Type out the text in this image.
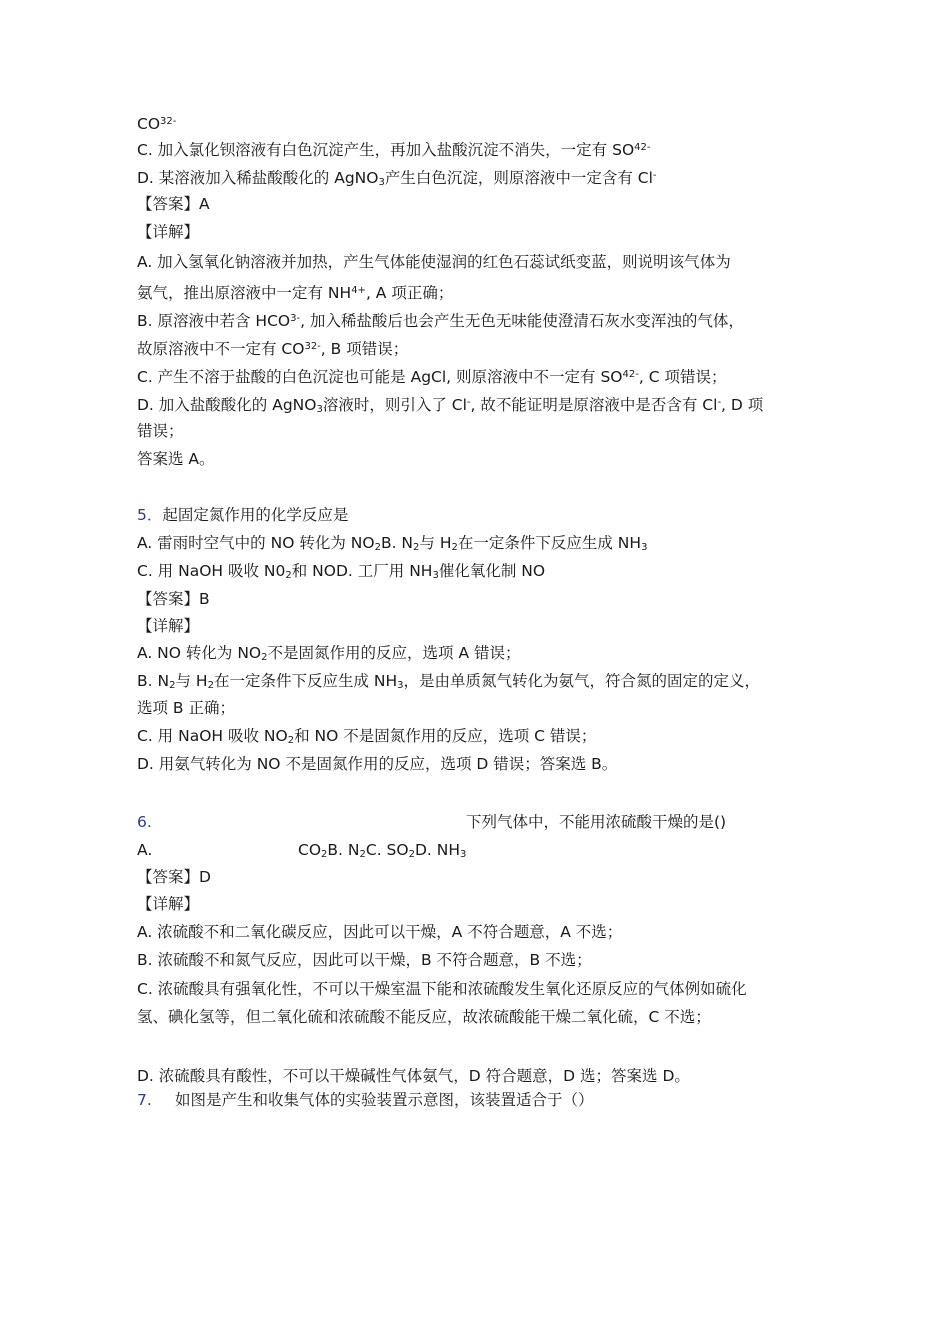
$CO^{32-}$
C. 加入氯化钡溶液有白色沉淀产生，再加入盐酸沉淀不消失，一定有 $SO^{42-}$
D. 某溶液加入稀盐酸酸化的 AgNO$_3$产生白色沉淀，则原溶液中一定含有 Cl-
【答案】A
【详解】
A. 加入氢氧化钠溶液并加热，产生气体能使湿润的红色石蕊试纸变蓝，则说明该气体为
氨气，推出原溶液中一定有 $NH^{4+}$, A 项正确；
B. 原溶液中若含 $HCO^{3-}$, 加入稀盐酸后也会产生无色无味能使澄清石灰水变浑浊的气体，
故原溶液中不一定有 $CO^{32-}$, B 项错误；
C. 产生不溶于盐酸的白色沉淀也可能是 AgCl, 则原溶液中不一定有 $SO^{42-}$, C 项错误；
D. 加入盐酸酸化的 AgNO$_3$溶液时，则引入了 Cl-, 故不能证明是原溶液中是否含有 Cl-, D 项
错误；
答案选 A。
5．起固定氮作用的化学反应是
A. 雷雨时空气中的 NO 转化为 $NO_2B$. $N_2$与 $H_2$在一定条件下反应生成 $NH_3$
C. 用 NaOH 吸收 $N0_2$和 NOD. 工厂用 $NH_3$催化氧化制 NO
【答案】B
【详解】
A. NO 转化为 $NO_2$不是固氮作用的反应，选项 A 错误；
B. $N_2$与 $H_2$在一定条件下反应生成 $NH_3$，是由单质氮气转化为氨气，符合氮的固定的定义，
选项 B 正确；
C. 用 NaOH 吸收 $NO_2$和 NO 不是固氮作用的反应，选项 C 错误；
D. 用氨气转化为 NO 不是固氮作用的反应，选项 D 错误；答案选 B。
6.	下列气体中，不能用浓硫酸干燥的是()
A.	$CO_2B$. $N_2C$. $SO_2D$. $NH_3$
【答案】D
【详解】
A. 浓硫酸不和二氧化碳反应，因此可以干燥，A 不符合题意，A 不选；
B. 浓硫酸不和氮气反应，因此可以干燥，B 不符合题意，B 不选；
C. 浓硫酸具有强氧化性，不可以干燥室温下能和浓硫酸发生氧化还原反应的气体例如硫化
氢、碘化氢等，但二氧化硫和浓硫酸不能反应，故浓硫酸能干燥二氧化硫，C 不选；
D. 浓硫酸具有酸性，不可以干燥碱性气体氨气，D 符合题意，D 选；答案选 D。
7. 如图是产生和收集气体的实验装置示意图，该装置适合于（）
